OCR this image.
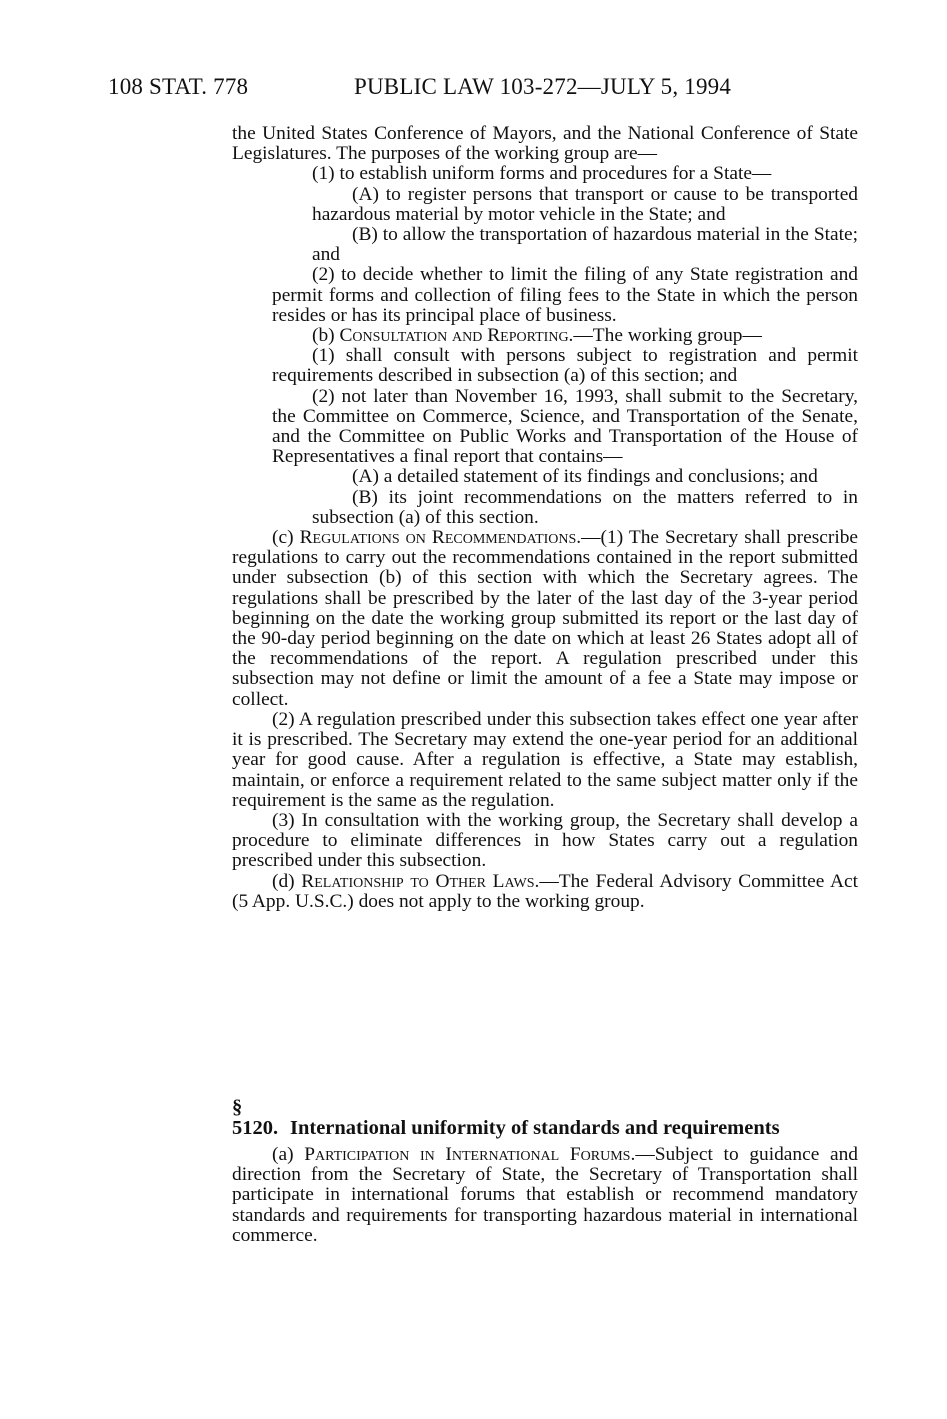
108 STAT. 778	PUBLIC LAW 103-272—JULY 5, 1994

the United States Conference of Mayors, and the National Conference of State Legislatures. The purposes of the working group are—

(1) to establish uniform forms and procedures for a State—

(A) to register persons that transport or cause to be transported hazardous material by motor vehicle in the State; and

(B) to allow the transportation of hazardous material in the State; and

(2) to decide whether to limit the filing of any State registration and permit forms and collection of filing fees to the State in which the person resides or has its principal place of business.

(b) Consultation and Reporting.—The working group—

(1) shall consult with persons subject to registration and permit requirements described in subsection (a) of this section; and

(2) not later than November 16, 1993, shall submit to the Secretary, the Committee on Commerce, Science, and Transportation of the Senate, and the Committee on Public Works and Transportation of the House of Representatives a final report that contains—

(A) a detailed statement of its findings and conclusions; and

(B) its joint recommendations on the matters referred to in subsection (a) of this section.

(c) Regulations on Recommendations.—(1) The Secretary shall prescribe regulations to carry out the recommendations contained in the report submitted under subsection (b) of this section with which the Secretary agrees. The regulations shall be prescribed by the later of the last day of the 3-year period beginning on the date the working group submitted its report or the last day of the 90-day period beginning on the date on which at least 26 States adopt all of the recommendations of the report. A regulation prescribed under this subsection may not define or limit the amount of a fee a State may impose or collect.

(2) A regulation prescribed under this subsection takes effect one year after it is prescribed. The Secretary may extend the one-year period for an additional year for good cause. After a regulation is effective, a State may establish, maintain, or enforce a requirement related to the same subject matter only if the requirement is the same as the regulation.

(3) In consultation with the working group, the Secretary shall develop a procedure to eliminate differences in how States carry out a regulation prescribed under this subsection.

(d) Relationship to Other Laws.—The Federal Advisory Committee Act (5 App. U.S.C.) does not apply to the working group.

§ 5120. International uniformity of standards and requirements

(a) Participation in International Forums.—Subject to guidance and direction from the Secretary of State, the Secretary of Transportation shall participate in international forums that establish or recommend mandatory standards and requirements for transporting hazardous material in international commerce.
